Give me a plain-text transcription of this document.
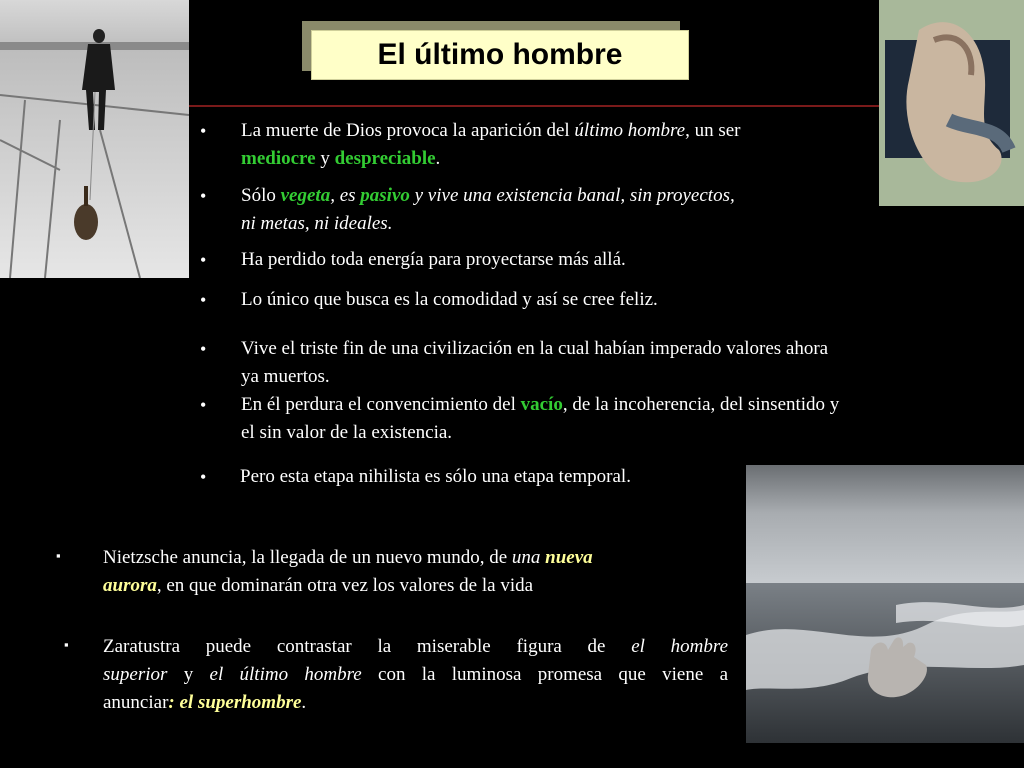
El último hombre
• La muerte de Dios provoca la aparición del último hombre, un ser
mediocre y despreciable.
• Sólo vegeta, es pasivo y vive una existencia banal, sin proyectos,
ni metas, ni ideales.
• Ha perdido toda energía para proyectarse más allá.
• Lo único que busca es la comodidad y así se cree feliz.
• Vive el triste fin de una civilización en la cual habían imperado valores ahora
ya muertos.
• En él perdura el convencimiento del vacío, de la incoherencia, del sinsentido y
el sin valor de la existencia.
• Pero esta etapa nihilista es sólo una etapa temporal.
▪ Nietzsche anuncia, la llegada de un nuevo mundo, de una nueva
aurora, en que dominarán otra vez los valores de la vida
▪ Zaratustra puede contrastar la miserable figura de el hombre
superior y el último hombre con la luminosa promesa que viene a
anunciar: el superhombre.
